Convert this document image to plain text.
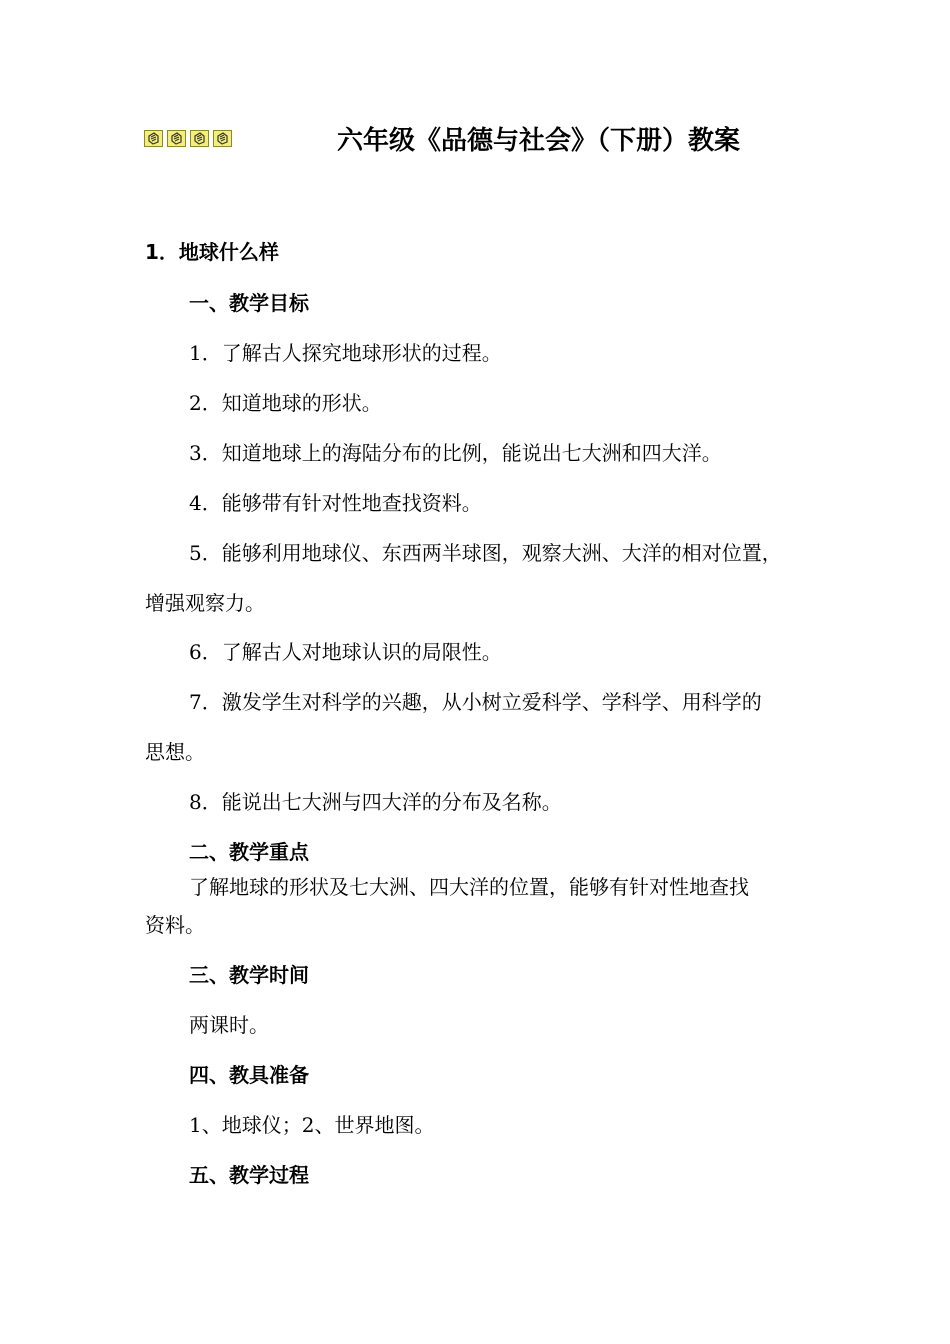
六年级《品德与社会》（下册）教案
1．地球什么样
一、教学目标
1．了解古人探究地球形状的过程。
2．知道地球的形状。
3．知道地球上的海陆分布的比例，能说出七大洲和四大洋。
4．能够带有针对性地查找资料。
5．能够利用地球仪、东西两半球图，观察大洲、大洋的相对位置，
增强观察力。
6．了解古人对地球认识的局限性。
7．激发学生对科学的兴趣，从小树立爱科学、学科学、用科学的
思想。
8．能说出七大洲与四大洋的分布及名称。
二、教学重点
了解地球的形状及七大洲、四大洋的位置，能够有针对性地查找
资料。
三、教学时间
两课时。
四、教具准备
1、地球仪；2、世界地图。
五、教学过程
